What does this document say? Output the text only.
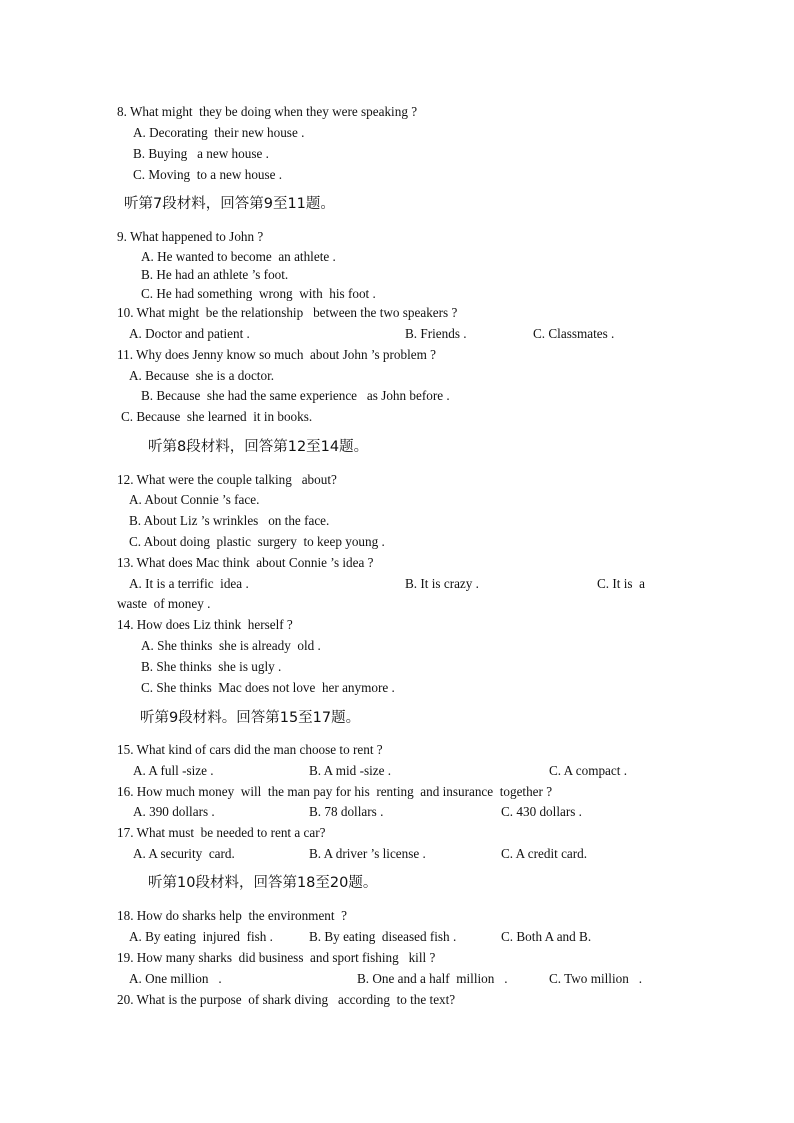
8. What might  they be doing when they were speaking ?
A. Decorating  their new house .
B. Buying   a new house .
C. Moving  to a new house .
听第7段材料，回答第9至11题。
9. What happened to John ?
A. He wanted to become  an athlete .
B. He had an athlete ’s foot.
C. He had something  wrong  with  his foot .
10. What might  be the relationship   between the two speakers ?
A. Doctor and patient .	B. Friends .	C. Classmates .
11. Why does Jenny know so much  about John ’s problem ?
A. Because  she is a doctor.
B. Because  she had the same experience   as John before .
C. Because  she learned  it in books.
听第8段材料，回答第12至14题。
12. What were the couple talking   about?
A. About Connie ’s face.
B. About Liz ’s wrinkles   on the face.
C. About doing  plastic  surgery  to keep young .
13. What does Mac think  about Connie ’s idea ?
A. It is a terrific  idea .	B. It is crazy .	C. It is  a
waste  of money .
14. How does Liz think  herself ?
A. She thinks  she is already  old .
B. She thinks  she is ugly .
C. She thinks  Mac does not love  her anymore .
听第9段材料。回答第15至17题。
15. What kind of cars did the man choose to rent ?
A. A full -size .	B. A mid -size .	C. A compact .
16. How much money  will  the man pay for his  renting  and insurance  together ?
A. 390 dollars .	B. 78 dollars .	C. 430 dollars .
17. What must  be needed to rent a car?
A. A security  card.	B. A driver ’s license .	C. A credit card.
听第10段材料，回答第18至20题。
18. How do sharks help  the environment  ?
A. By eating  injured  fish .	B. By eating  diseased fish .	C. Both A and B.
19. How many sharks  did business  and sport fishing   kill ?
A. One million   .	B. One and a half  million   .	C. Two million   .
20. What is the purpose  of shark diving   according  to the text?
